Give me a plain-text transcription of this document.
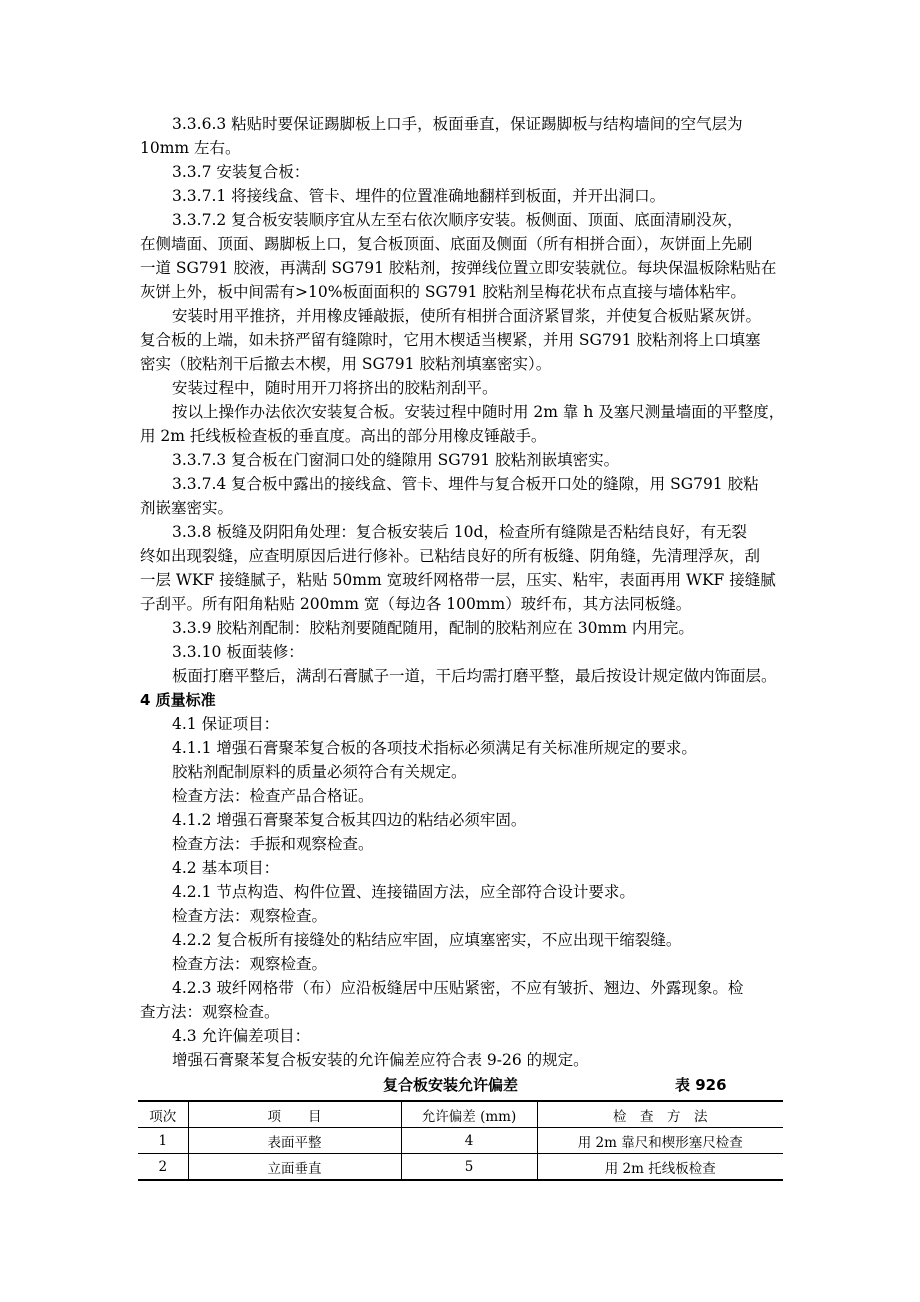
3.3.6.3 粘贴时要保证踢脚板上口手，板面垂直，保证踢脚板与结构墙间的空气层为
10mm 左右。
3.3.7 安装复合板：
3.3.7.1 将接线盒、管卡、埋件的位置准确地翻样到板面，并开出洞口。
3.3.7.2 复合板安装顺序宜从左至右依次顺序安装。板侧面、顶面、底面清刷没灰，
在侧墙面、顶面、踢脚板上口，复合板顶面、底面及侧面（所有相拼合面），灰饼面上先刷
一道 SG791 胶液，再满刮 SG791 胶粘剂，按弹线位置立即安装就位。每块保温板除粘贴在
灰饼上外，板中间需有>10%板面面积的 SG791 胶粘剂呈梅花状布点直接与墙体粘牢。
安装时用平推挤，并用橡皮锤敲振，使所有相拼合面济紧冒浆，并使复合板贴紧灰饼。
复合板的上端，如未挤严留有缝隙时，它用木楔适当楔紧，并用 SG791 胶粘剂将上口填塞
密实（胶粘剂干后撤去木楔，用 SG791 胶粘剂填塞密实）。
安装过程中，随时用开刀将挤出的胶粘剂刮平。
按以上操作办法依次安装复合板。安装过程中随时用 2m 靠 h 及塞尺测量墙面的平整度，
用 2m 托线板检查板的垂直度。高出的部分用橡皮锤敲手。
3.3.7.3 复合板在门窗洞口处的缝隙用 SG791 胶粘剂嵌填密实。
3.3.7.4 复合板中露出的接线盒、管卡、埋件与复合板开口处的缝隙，用 SG791 胶粘
剂嵌塞密实。
3.3.8 板缝及阴阳角处理：复合板安装后 10d，检查所有缝隙是否粘结良好，有无裂
终如出现裂缝，应查明原因后进行修补。已粘结良好的所有板缝、阴角缝，先清理浮灰，刮
一层 WKF 接缝腻子，粘贴 50mm 宽玻纤网格带一层，压实、粘牢，表面再用 WKF 接缝腻
子刮平。所有阳角粘贴 200mm 宽（每边各 100mm）玻纤布，其方法同板缝。
3.3.9 胶粘剂配制：胶粘剂要随配随用，配制的胶粘剂应在 30mm 内用完。
3.3.10 板面装修：
板面打磨平整后，满刮石膏腻子一道，干后均需打磨平整，最后按设计规定做内饰面层。
4 质量标准
4.1 保证项目：
4.1.1 增强石膏聚苯复合板的各项技术指标必须满足有关标准所规定的要求。
胶粘剂配制原料的质量必须符合有关规定。
检查方法：检查产品合格证。
4.1.2 增强石膏聚苯复合板其四边的粘结必须牢固。
检查方法：手振和观察检查。
4.2 基本项目：
4.2.1 节点构造、构件位置、连接锚固方法，应全部符合设计要求。
检查方法：观察检查。
4.2.2 复合板所有接缝处的粘结应牢固，应填塞密实，不应出现干缩裂缝。
检查方法：观察检查。
4.2.3 玻纤网格带（布）应沿板缝居中压贴紧密，不应有皱折、翘边、外露现象。检
查方法：观察检查。
4.3 允许偏差项目：
增强石膏聚苯复合板安装的允许偏差应符合表 9-26 的规定。
复合板安装允许偏差	表 926
项次	项　　目	允许偏差 (mm)	检　查　方　法
1	表面平整	4	用 2m 靠尺和楔形塞尺检查
2	立面垂直	5	用 2m 托线板检查
